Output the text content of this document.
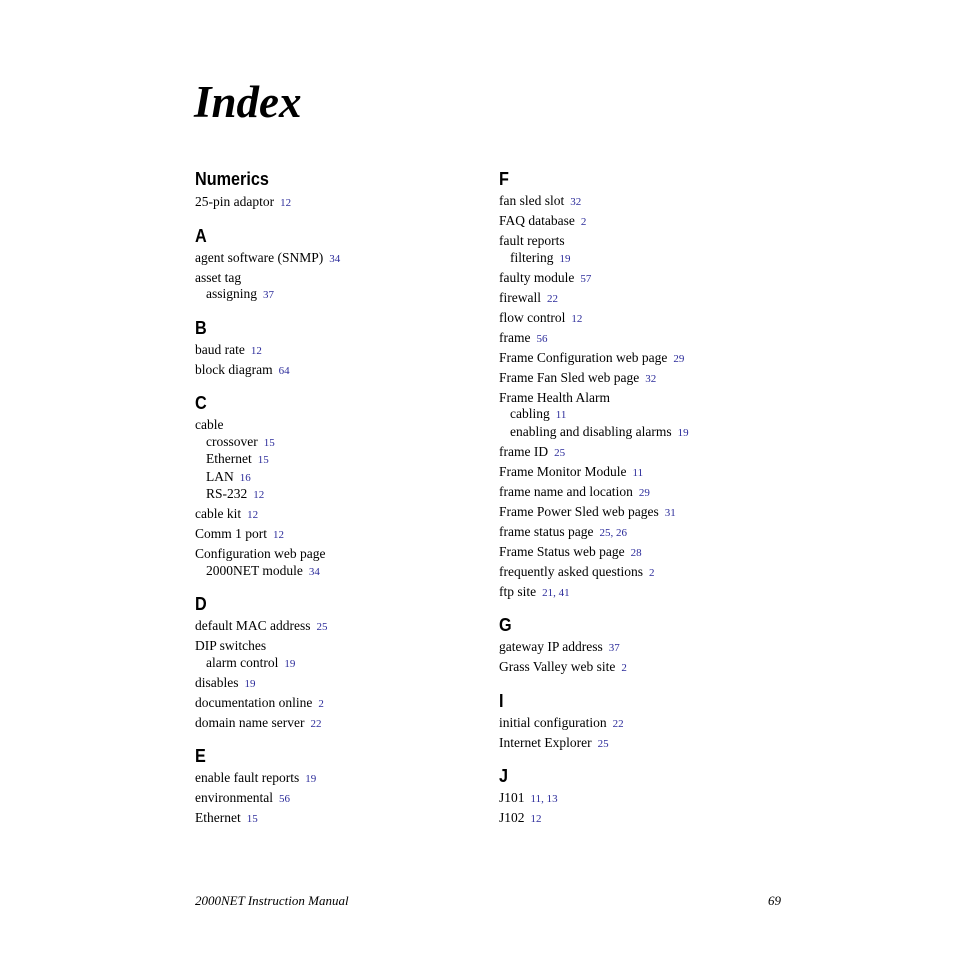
Index
Numerics
25-pin adaptor 12
A
agent software (SNMP) 34
asset tag
assigning 37
B
baud rate 12
block diagram 64
C
cable
crossover 15
Ethernet 15
LAN 16
RS-232 12
cable kit 12
Comm 1 port 12
Configuration web page
2000NET module 34
D
default MAC address 25
DIP switches
alarm control 19
disables 19
documentation online 2
domain name server 22
E
enable fault reports 19
environmental 56
Ethernet 15
F
fan sled slot 32
FAQ database 2
fault reports
filtering 19
faulty module 57
firewall 22
flow control 12
frame 56
Frame Configuration web page 29
Frame Fan Sled web page 32
Frame Health Alarm
cabling 11
enabling and disabling alarms 19
frame ID 25
Frame Monitor Module 11
frame name and location 29
Frame Power Sled web pages 31
frame status page 25, 26
Frame Status web page 28
frequently asked questions 2
ftp site 21, 41
G
gateway IP address 37
Grass Valley web site 2
I
initial configuration 22
Internet Explorer 25
J
J101 11, 13
J102 12
2000NET Instruction Manual	69
